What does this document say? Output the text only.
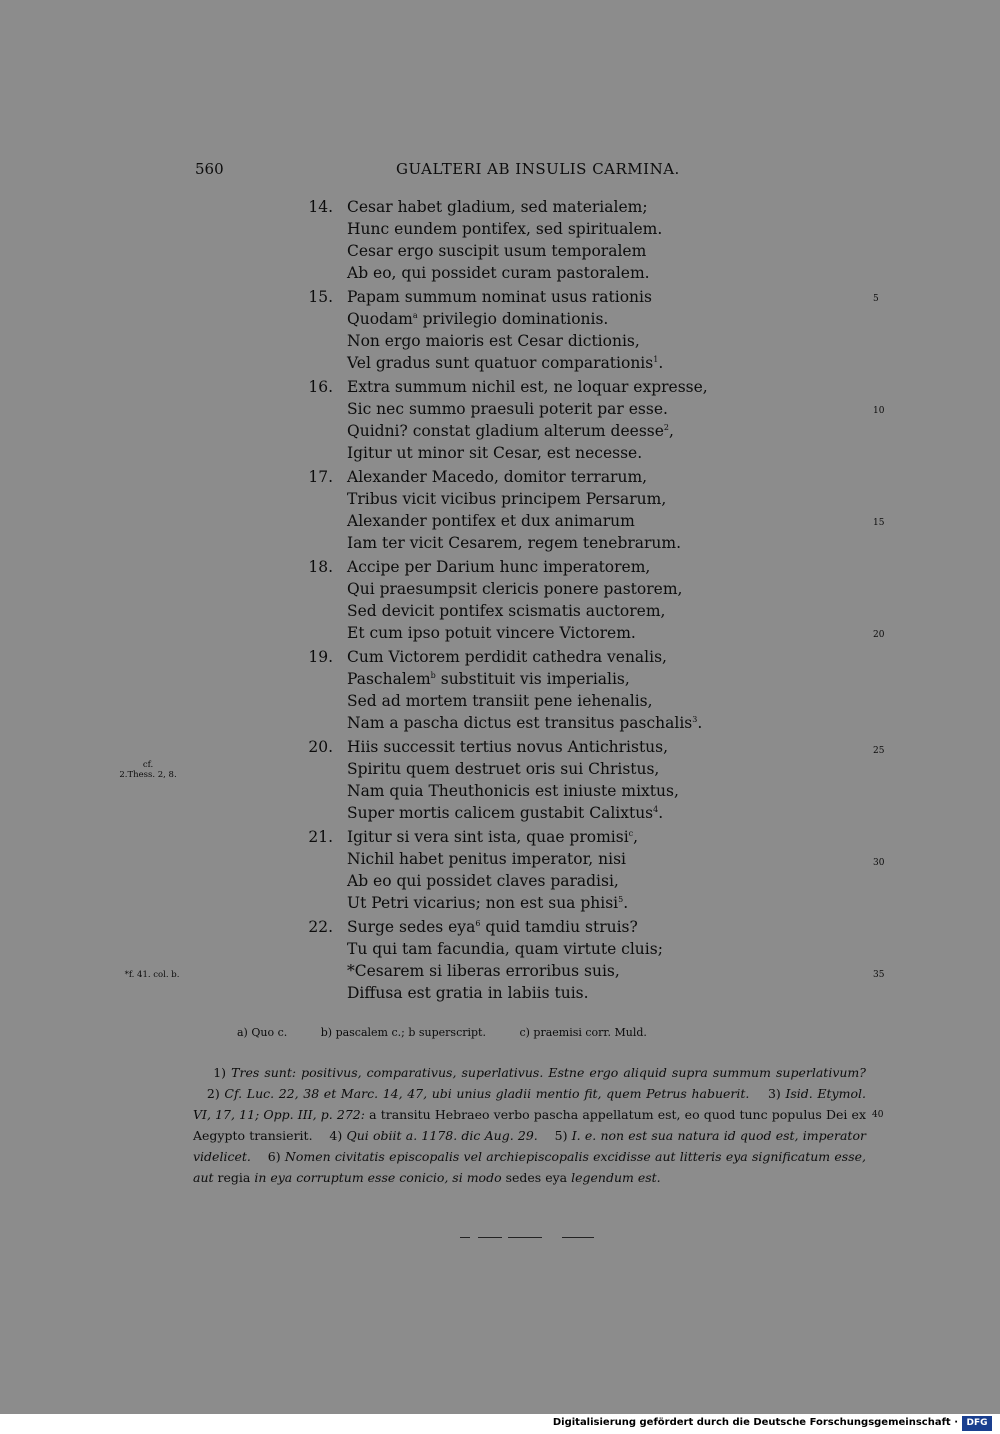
560	GUALTERI AB INSULIS CARMINA.
14. Cesar habet gladium, sed materialem;
Hunc eundem pontifex, sed spiritualem.
Cesar ergo suscipit usum temporalem
Ab eo, qui possidet curam pastoralem.
15. Papam summum nominat usus rationis
Quodam$^a$ privilegio dominationis.
Non ergo maioris est Cesar dictionis,
Vel gradus sunt quatuor comparationis$^1$.
16. Extra summum nichil est, ne loquar expresse,
Sic nec summo praesuli poterit par esse.
Quidni? constat gladium alterum deesse$^2$,
Igitur ut minor sit Cesar, est necesse.
17. Alexander Macedo, domitor terrarum,
Tribus vicit vicibus principem Persarum,
Alexander pontifex et dux animarum
Iam ter vicit Cesarem, regem tenebrarum.
18. Accipe per Darium hunc imperatorem,
Qui praesumpsit clericis ponere pastorem,
Sed devicit pontifex scismatis auctorem,
Et cum ipso potuit vincere Victorem.
19. Cum Victorem perdidit cathedra venalis,
Paschalem$^b$ substituit vis imperialis,
Sed ad mortem transiit pene iehenalis,
Nam a pascha dictus est transitus paschalis$^3$.
20. Hiis successit tertius novus Antichristus,
Spiritu quem destruet oris sui Christus,
Nam quia Theuthonicis est iniuste mixtus,
Super mortis calicem gustabit Calixtus$^4$.
21. Igitur si vera sint ista, quae promisi$^c$,
Nichil habet penitus imperator, nisi
Ab eo qui possidet claves paradisi,
Ut Petri vicarius; non est sua phisi$^5$.
22. Surge sedes eya$^6$ quid tamdiu struis?
Tu qui tam facundia, quam virtute cluis;
*Cesarem si liberas erroribus suis,
Diffusa est gratia in labiis tuis.
cf.
2.Thess. 2, 8.
*f. 41. col. b.
5
10
15
20
25
30
35
a) Quo c.	b) pascalem c.; b superscript.	c) praemisi corr. Muld.
1) Tres sunt: positivus, comparativus, superlativus. Estne ergo aliquid supra summum superlativum?    2) Cf. Luc. 22, 38 et Marc. 14, 47, ubi unius gladii mentio fit, quem Petrus habuerit. 3) Isid. Etymol. VI, 17, 11; Opp. III, p. 272: a transitu Hebraeo verbo pascha appellatum est, eo quod tunc populus Dei ex Aegypto transierit. 4) Qui obiit a. 1178. dic Aug. 29. 5) I. e. non est sua natura id quod est, imperator videlicet. 6) Nomen civitatis episcopalis vel archiepiscopalis excidisse aut litteris eya significatum esse, aut regia in eya corruptum esse conicio, si modo sedes eya legendum est.
40
Digitalisierung gefördert durch die Deutsche Forschungsgemeinschaft · DFG
